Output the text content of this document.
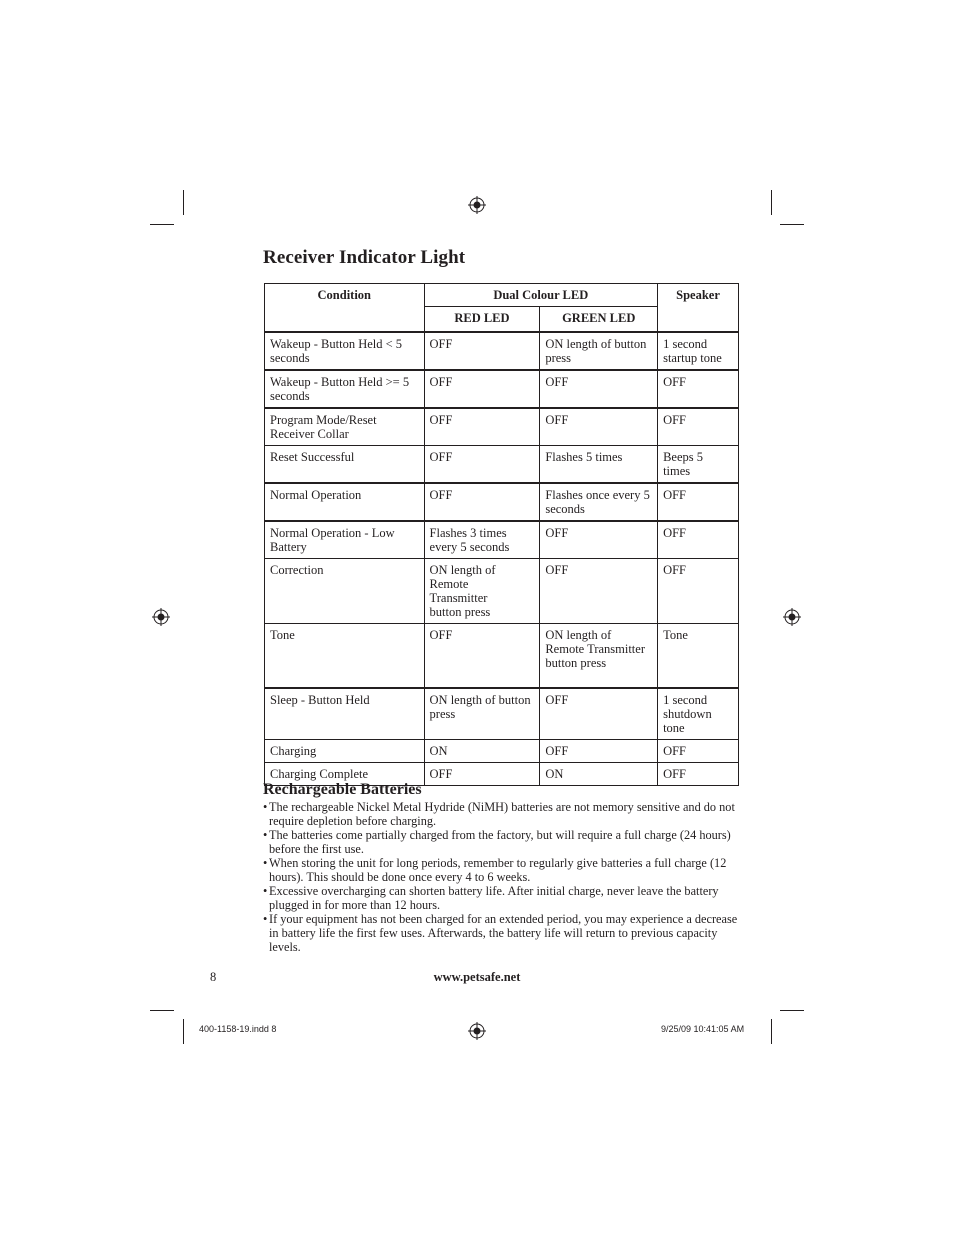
Receiver Indicator Light
Condition	Dual Colour LED		Speaker
	RED LED	GREEN LED	
Wakeup - Button Held < 5 seconds	OFF	ON length of button press	1 second startup tone
Wakeup - Button Held >= 5 seconds	OFF	OFF	OFF
Program Mode/Reset Receiver Collar	OFF	OFF	OFF
Reset Successful	OFF	Flashes 5 times	Beeps 5 times
Normal Operation	OFF	Flashes once every 5 seconds	OFF
Normal Operation - Low Battery	Flashes 3 times every 5 seconds	OFF	OFF
Correction	ON length of Remote Transmitter button press	OFF	OFF
Tone	OFF	ON length of Remote Transmitter button press	Tone
Sleep - Button Held	ON length of button press	OFF	1 second shutdown tone
Charging	ON	OFF	OFF
Charging Complete	OFF	ON	OFF
Rechargeable Batteries
• The rechargeable Nickel Metal Hydride (NiMH) batteries are not memory sensitive and do not require depletion before charging.
• The batteries come partially charged from the factory, but will require a full charge (24 hours) before the first use.
• When storing the unit for long periods, remember to regularly give batteries a full charge (12 hours). This should be done once every 4 to 6 weeks.
• Excessive overcharging can shorten battery life. After initial charge, never leave the battery plugged in for more than 12 hours.
• If your equipment has not been charged for an extended period, you may experience a decrease in battery life the first few uses. Afterwards, the battery life will return to previous capacity levels.
8	www.petsafe.net
400-1158-19.indd 8	9/25/09 10:41:05 AM
